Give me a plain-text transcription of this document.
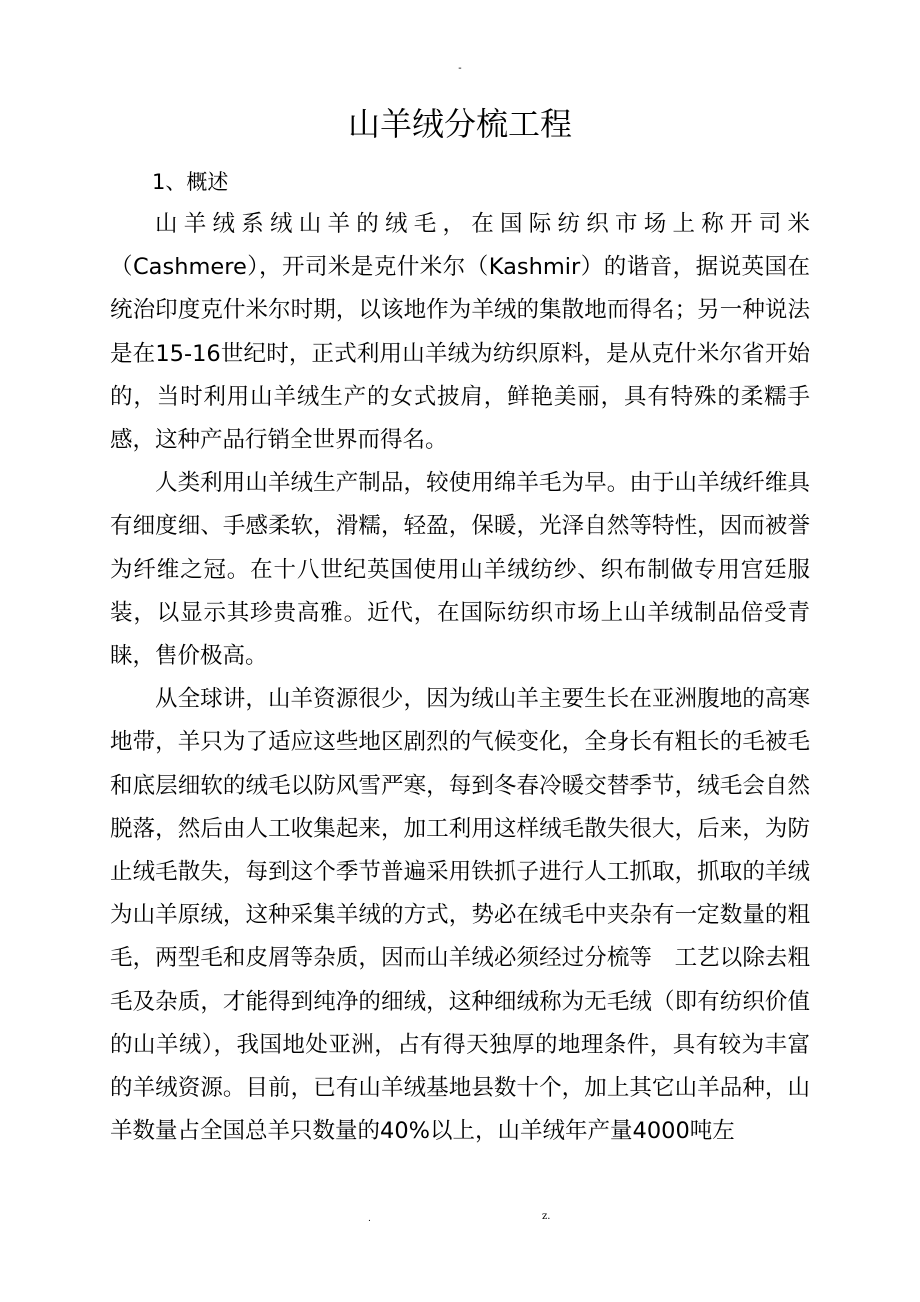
-
山羊绒分梳工程
1、概述

山羊绒系绒山羊的绒毛，在国际纺织市场上称开司米（Cashmere），开司米是克什米尔（Kashmir）的谐音，据说英国在统治印度克什米尔时期，以该地作为羊绒的集散地而得名；另一种说法是在15-16世纪时，正式利用山羊绒为纺织原料，是从克什米尔省开始的，当时利用山羊绒生产的女式披肩，鲜艳美丽，具有特殊的柔糯手感，这种产品行销全世界而得名。

人类利用山羊绒生产制品，较使用绵羊毛为早。由于山羊绒纤维具有细度细、手感柔软，滑糯，轻盈，保暖，光泽自然等特性，因而被誉为纤维之冠。在十八世纪英国使用山羊绒纺纱、织布制做专用宫廷服装，以显示其珍贵高雅。近代，在国际纺织市场上山羊绒制品倍受青睐，售价极高。

从全球讲，山羊资源很少，因为绒山羊主要生长在亚洲腹地的高寒地带，羊只为了适应这些地区剧烈的气候变化，全身长有粗长的毛被毛和底层细软的绒毛以防风雪严寒，每到冬春冷暖交替季节，绒毛会自然脱落，然后由人工收集起来，加工利用这样绒毛散失很大，后来，为防止绒毛散失，每到这个季节普遍采用铁抓子进行人工抓取，抓取的羊绒为山羊原绒，这种采集羊绒的方式，势必在绒毛中夹杂有一定数量的粗毛，两型毛和皮屑等杂质，因而山羊绒必须经过分梳等　工艺以除去粗毛及杂质，才能得到纯净的细绒，这种细绒称为无毛绒（即有纺织价值的山羊绒），我国地处亚洲，占有得天独厚的地理条件，具有较为丰富的羊绒资源。目前，已有山羊绒基地县数十个，加上其它山羊品种，山羊数量占全国总羊只数量的40%以上，山羊绒年产量4000吨左

.	z.
